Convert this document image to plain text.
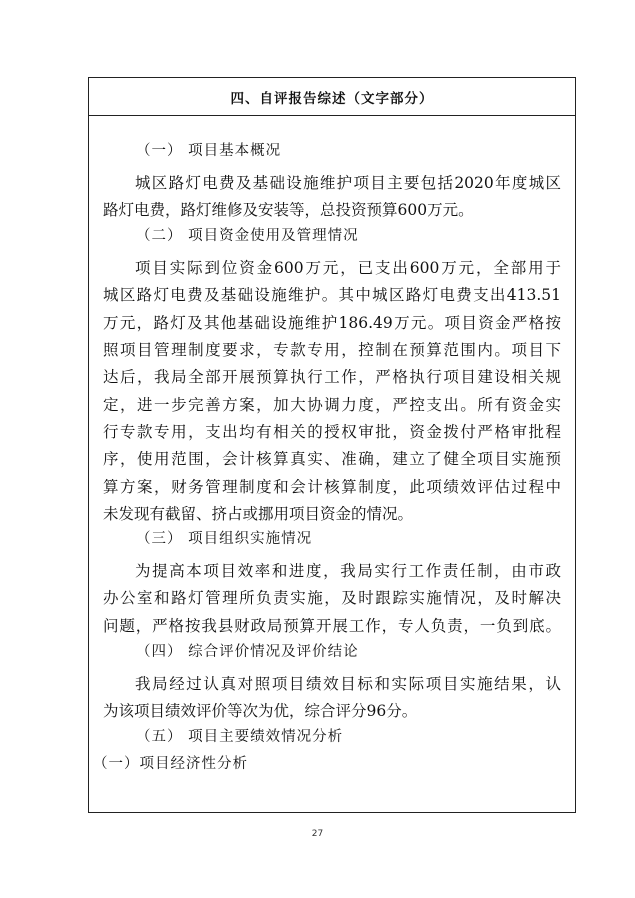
四、自评报告综述（文字部分）
（一） 项目基本概况
城区路灯电费及基础设施维护项目主要包括2020年度城区
路灯电费，路灯维修及安装等，总投资预算600万元。
（二） 项目资金使用及管理情况
项目实际到位资金600万元，已支出600万元，全部用于
城区路灯电费及基础设施维护。其中城区路灯电费支出413.51
万元，路灯及其他基础设施维护186.49万元。项目资金严格按
照项目管理制度要求，专款专用，控制在预算范围内。项目下
达后，我局全部开展预算执行工作，严格执行项目建设相关规
定，进一步完善方案，加大协调力度，严控支出。所有资金实
行专款专用，支出均有相关的授权审批，资金拨付严格审批程
序，使用范围，会计核算真实、准确，建立了健全项目实施预
算方案，财务管理制度和会计核算制度，此项绩效评估过程中
未发现有截留、挤占或挪用项目资金的情况。
（三） 项目组织实施情况
为提高本项目效率和进度，我局实行工作责任制，由市政
办公室和路灯管理所负责实施，及时跟踪实施情况，及时解决
问题，严格按我县财政局预算开展工作，专人负责，一负到底。
（四） 综合评价情况及评价结论
我局经过认真对照项目绩效目标和实际项目实施结果，认
为该项目绩效评价等次为优，综合评分96分。
（五） 项目主要绩效情况分析
（一）项目经济性分析
27
